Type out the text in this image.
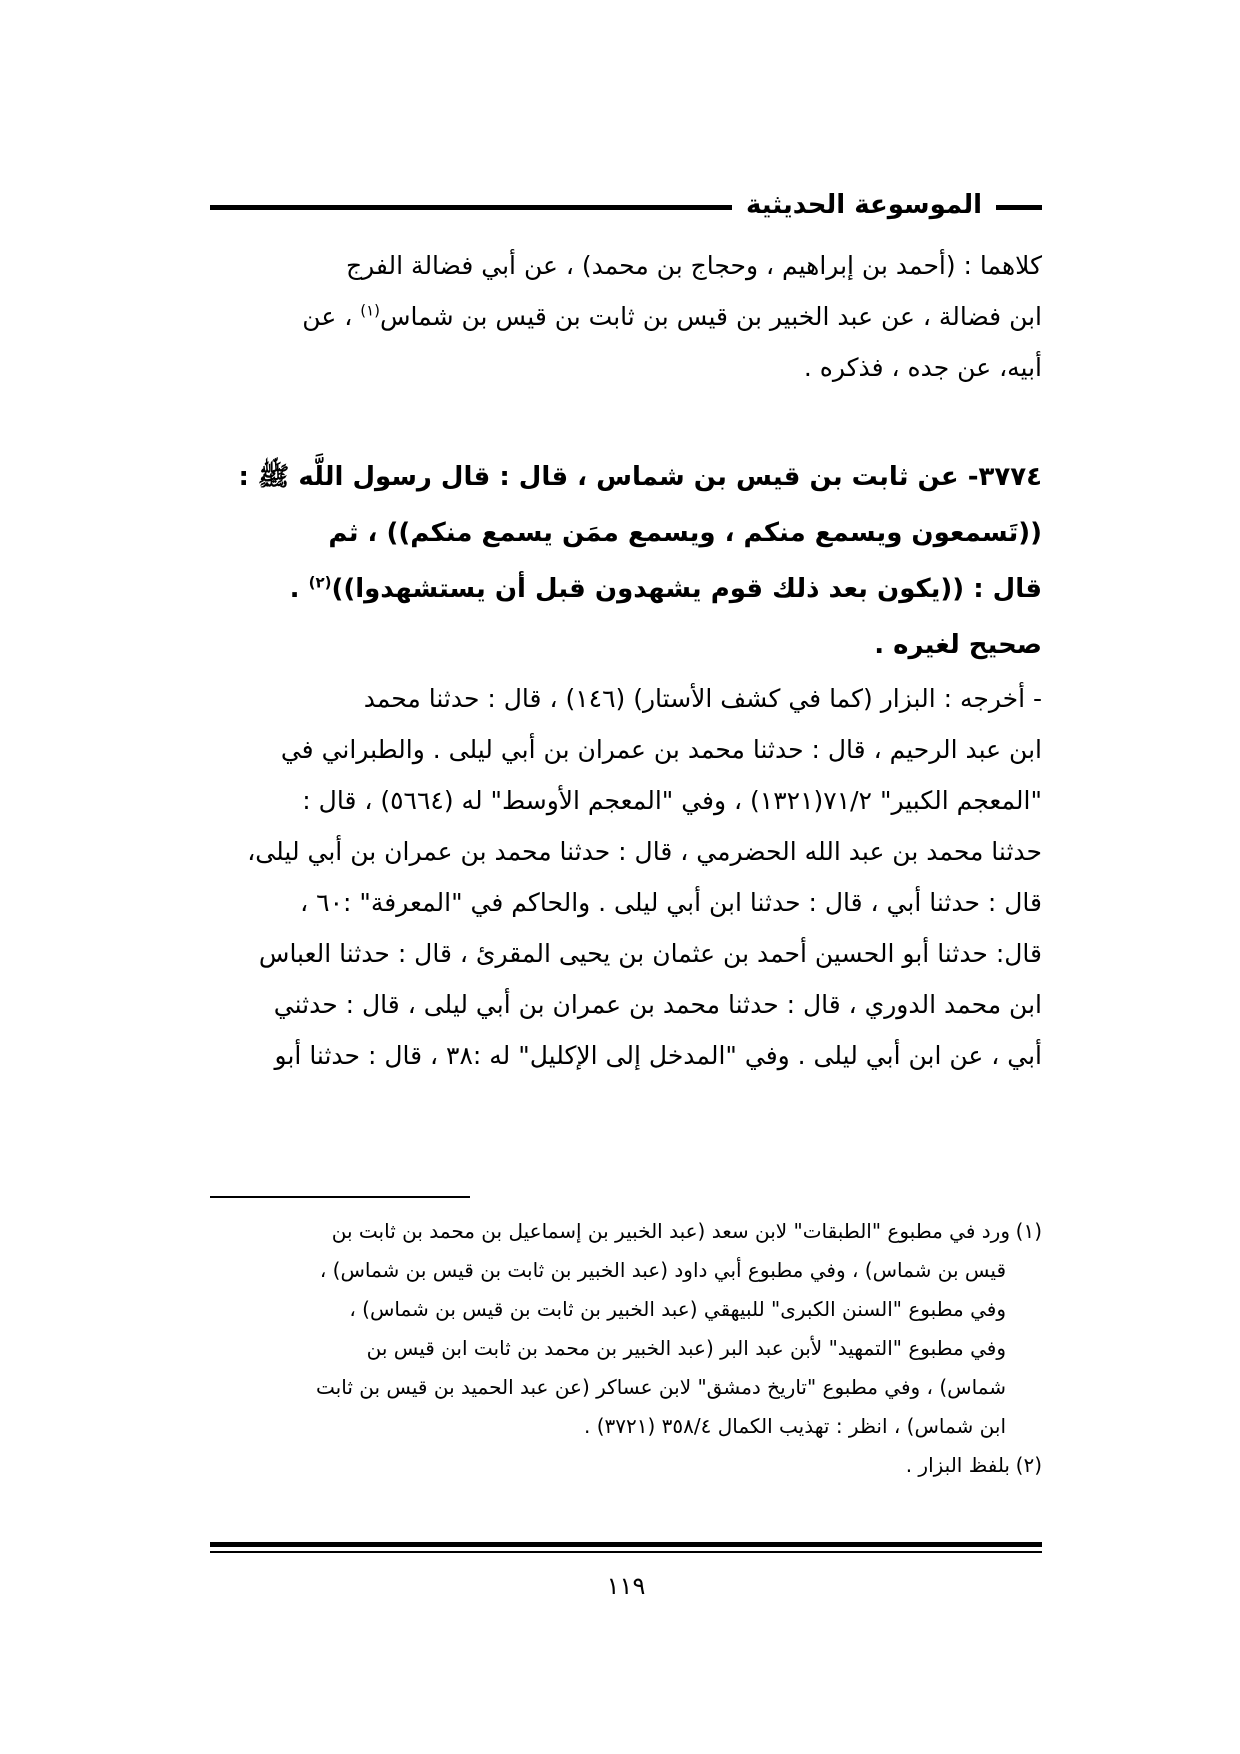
الموسوعة الحديثية

كلاهما : (أحمد بن إبراهيم ، وحجاج بن محمد) ، عن أبي فضالة الفرج

ابن فضالة ، عن عبد الخبير بن قيس بن ثابت بن قيس بن شماس$^{(١)}$ ، عن

أبيه، عن جده ، فذكره .

٣٧٧٤- عن ثابت بن قيس بن شماس ، قال : قال رسول اللَّه ﷺ :

((تَسمعون ويسمع منكم ، ويسمع ممَن يسمع منكم)) ، ثم

قال : ((يكون بعد ذلك قوم يشهدون قبل أن يستشهدوا))$^{(٢)}$ .

صحيح لغيره .

- أخرجه : البزار (كما في كشف الأستار) (١٤٦) ، قال : حدثنا محمد

ابن عبد الرحيم ، قال : حدثنا محمد بن عمران بن أبي ليلى . والطبراني في

"المعجم الكبير" ٧١/٢(١٣٢١) ، وفي "المعجم الأوسط" له (٥٦٦٤) ، قال :

حدثنا محمد بن عبد الله الحضرمي ، قال : حدثنا محمد بن عمران بن أبي ليلى،

قال : حدثنا أبي ، قال : حدثنا ابن أبي ليلى . والحاكم في "المعرفة" :٦٠ ،

قال: حدثنا أبو الحسين أحمد بن عثمان بن يحيى المقرئ ، قال : حدثنا العباس

ابن محمد الدوري ، قال : حدثنا محمد بن عمران بن أبي ليلى ، قال : حدثني

أبي ، عن ابن أبي ليلى . وفي "المدخل إلى الإكليل" له :٣٨ ، قال : حدثنا أبو

(١)ورد في مطبوع "الطبقات" لابن سعد (عبد الخبير بن إسماعيل بن محمد بن ثابت بن

قيس بن شماس) ، وفي مطبوع أبي داود (عبد الخبير بن ثابت بن قيس بن شماس) ،

وفي مطبوع "السنن الكبرى" للبيهقي (عبد الخبير بن ثابت بن قيس بن شماس) ،

وفي مطبوع "التمهيد" لأبن عبد البر (عبد الخبير بن محمد بن ثابت ابن قيس بن

شماس) ، وفي مطبوع "تاريخ دمشق" لابن عساكر (عن عبد الحميد بن قيس بن ثابت

ابن شماس) ، انظر : تهذيب الكمال ٣٥٨/٤ (٣٧٢١) .

(٢)بلفظ البزار .

١١٩
